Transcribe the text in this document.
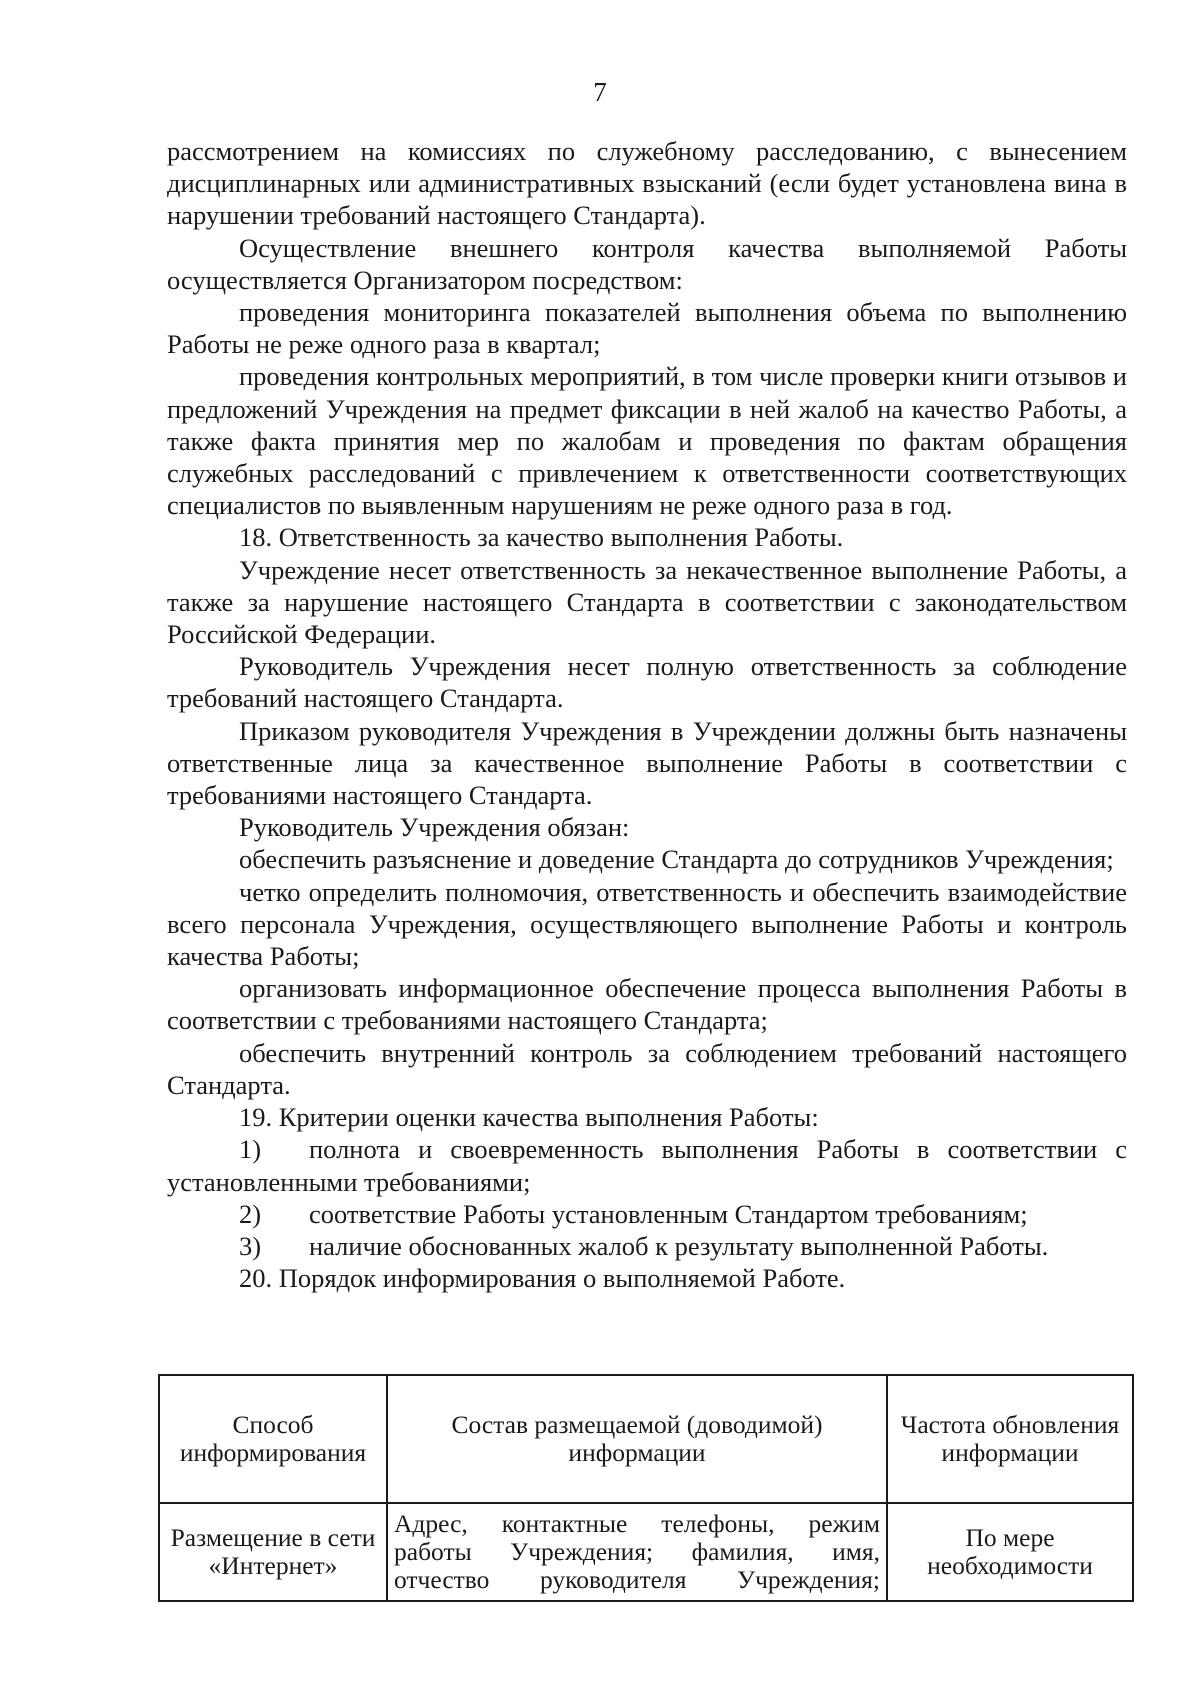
7

рассмотрением на комиссиях по служебному расследованию, с вынесением дисциплинарных или административных взысканий (если будет установлена вина в нарушении требований настоящего Стандарта).

Осуществление внешнего контроля качества выполняемой Работы осуществляется Организатором посредством:

проведения мониторинга показателей выполнения объема по выполнению Работы не реже одного раза в квартал;

проведения контрольных мероприятий, в том числе проверки книги отзывов и предложений Учреждения на предмет фиксации в ней жалоб на качество Работы, а также факта принятия мер по жалобам и проведения по фактам обращения служебных расследований с привлечением к ответственности соответствующих специалистов по выявленным нарушениям не реже одного раза в год.

18. Ответственность за качество выполнения Работы.

Учреждение несет ответственность за некачественное выполнение Работы, а также за нарушение настоящего Стандарта в соответствии с законодательством Российской Федерации.

Руководитель Учреждения несет полную ответственность за соблюдение требований настоящего Стандарта.

Приказом руководителя Учреждения в Учреждении должны быть назначены ответственные лица за качественное выполнение Работы в соответствии с требованиями настоящего Стандарта.

Руководитель Учреждения обязан:

обеспечить разъяснение и доведение Стандарта до сотрудников Учреждения;

четко определить полномочия, ответственность и обеспечить взаимодействие всего персонала Учреждения, осуществляющего выполнение Работы и контроль качества Работы;

организовать информационное обеспечение процесса выполнения Работы в соответствии с требованиями настоящего Стандарта;

обеспечить внутренний контроль за соблюдением требований настоящего Стандарта.

19. Критерии оценки качества выполнения Работы:

1) полнота и своевременность выполнения Работы в соответствии с установленными требованиями;

2) соответствие Работы установленным Стандартом требованиям;

3) наличие обоснованных жалоб к результату выполненной Работы.

20. Порядок информирования о выполняемой Работе.

Способ информирования	Состав размещаемой (доводимой) информации	Частота обновления информации
Размещение в сети «Интернет»	Адрес, контактные телефоны, режим работы Учреждения; фамилия, имя, отчество руководителя Учреждения;	По мере необходимости
